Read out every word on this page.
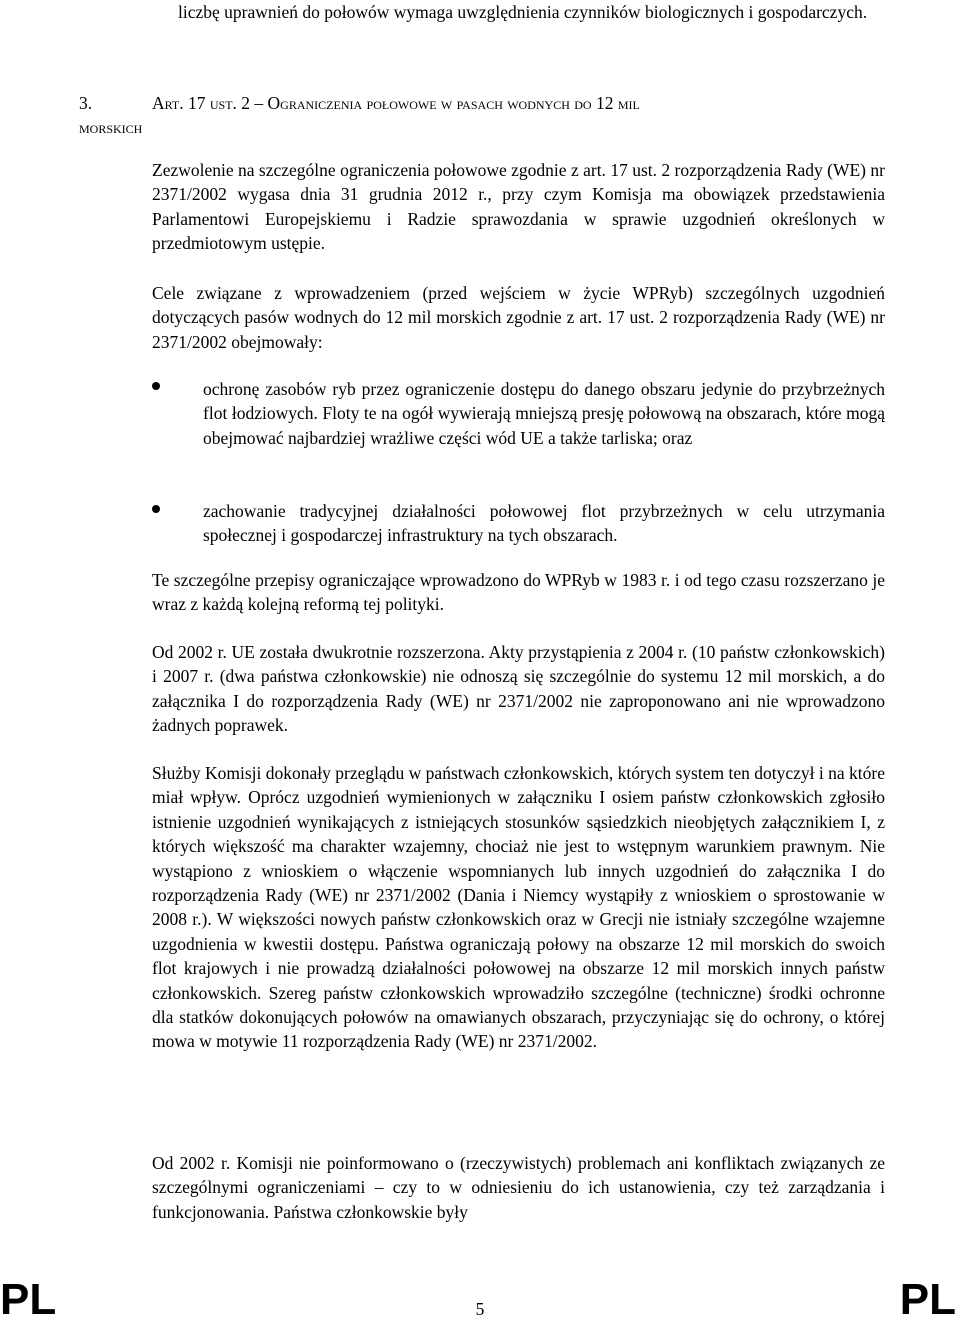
liczbę uprawnień do połowów wymaga uwzględnienia czynników biologicznych i gospodarczych.

3.	Art. 17 ust. 2 – Ograniczenia połowowe w pasach wodnych do 12 mil
morskich

Zezwolenie na szczególne ograniczenia połowowe zgodnie z art. 17 ust. 2 rozporządzenia Rady (WE) nr 2371/2002 wygasa dnia 31 grudnia 2012 r., przy czym Komisja ma obowiązek przedstawienia Parlamentowi Europejskiemu i Radzie sprawozdania w sprawie uzgodnień określonych w przedmiotowym ustępie.

Cele związane z wprowadzeniem (przed wejściem w życie WPRyb) szczególnych uzgodnień dotyczących pasów wodnych do 12 mil morskich zgodnie z art. 17 ust. 2 rozporządzenia Rady (WE) nr 2371/2002 obejmowały:

ochronę zasobów ryb przez ograniczenie dostępu do danego obszaru jedynie do przybrzeżnych flot łodziowych. Floty te na ogół wywierają mniejszą presję połowową na obszarach, które mogą obejmować najbardziej wrażliwe części wód UE a także tarliska; oraz

zachowanie tradycyjnej działalności połowowej flot przybrzeżnych w celu utrzymania społecznej i gospodarczej infrastruktury na tych obszarach.

Te szczególne przepisy ograniczające wprowadzono do WPRyb w 1983 r. i od tego czasu rozszerzano je wraz z każdą kolejną reformą tej polityki.

Od 2002 r. UE została dwukrotnie rozszerzona. Akty przystąpienia z 2004 r. (10 państw członkowskich) i 2007 r. (dwa państwa członkowskie) nie odnoszą się szczególnie do systemu 12 mil morskich, a do załącznika I do rozporządzenia Rady (WE) nr 2371/2002 nie zaproponowano ani nie wprowadzono żadnych poprawek.

Służby Komisji dokonały przeglądu w państwach członkowskich, których system ten dotyczył i na które miał wpływ. Oprócz uzgodnień wymienionych w załączniku I osiem państw członkowskich zgłosiło istnienie uzgodnień wynikających z istniejących stosunków sąsiedzkich nieobjętych załącznikiem I, z których większość ma charakter wzajemny, chociaż nie jest to wstępnym warunkiem prawnym. Nie wystąpiono z wnioskiem o włączenie wspomnianych lub innych uzgodnień do załącznika I do rozporządzenia Rady (WE) nr 2371/2002 (Dania i Niemcy wystąpiły z wnioskiem o sprostowanie w 2008 r.). W większości nowych państw członkowskich oraz w Grecji nie istniały szczególne wzajemne uzgodnienia w kwestii dostępu. Państwa ograniczają połowy na obszarze 12 mil morskich do swoich flot krajowych i nie prowadzą działalności połowowej na obszarze 12 mil morskich innych państw członkowskich. Szereg państw członkowskich wprowadziło szczególne (techniczne) środki ochronne dla statków dokonujących połowów na omawianych obszarach, przyczyniając się do ochrony, o której mowa w motywie 11 rozporządzenia Rady (WE) nr 2371/2002.

Od 2002 r. Komisji nie poinformowano o (rzeczywistych) problemach ani konfliktach związanych ze szczególnymi ograniczeniami – czy to w odniesieniu do ich ustanowienia, czy też zarządzania i funkcjonowania. Państwa członkowskie były

PL	5	PL
